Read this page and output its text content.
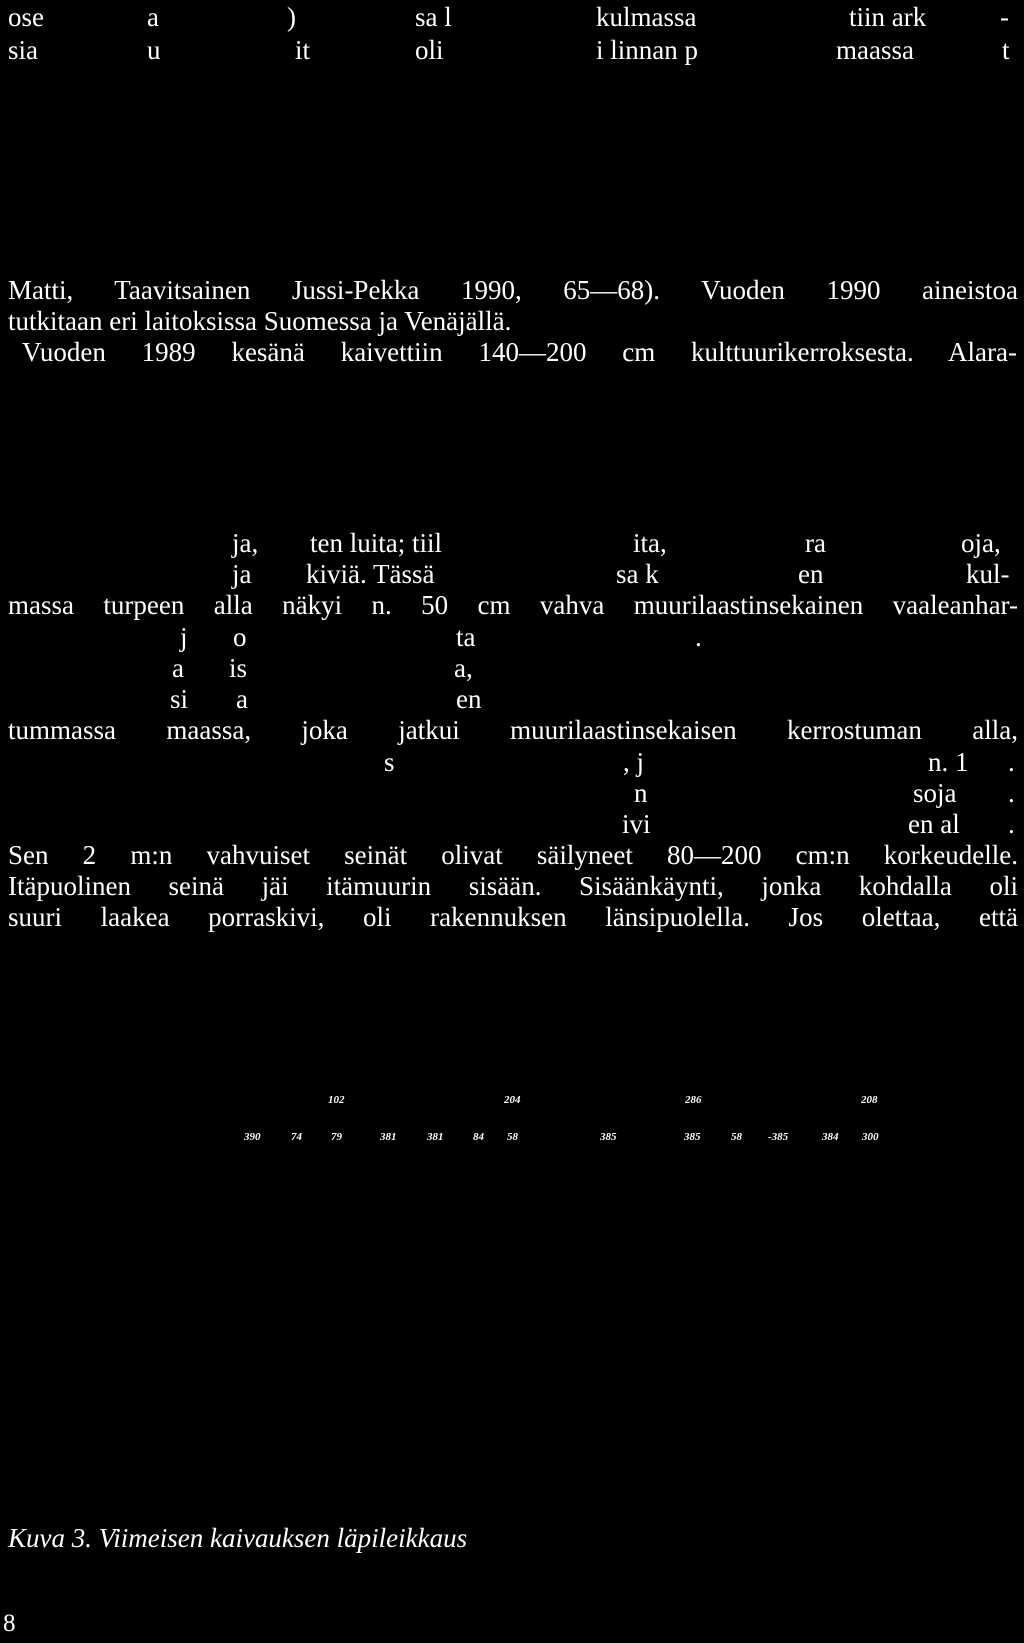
ose	a	)	sa l	kulmassa	tiin ark	-
sia	u	it	oli	i linnan p	maassa	t
Matti, Taavitsainen Jussi-Pekka 1990, 65—68). Vuoden 1990 aineistoa
tutkitaan eri laitoksissa Suomessa ja Venäjällä.
Vuoden 1989 kesänä kaivettiin 140—200 cm kulttuurikerroksesta. Alara-
ja, ten luita; tiil	ita,	ra	oja,
ja kiviä. Tässä	sa k	en	kul-
massa turpeen alla näkyi n. 50 cm vahva muurilaastinsekainen vaaleanhar-
j o	ta	.
a is	a,
si a	en
tummassa maassa, joka jatkui muurilaastinsekaisen kerrostuman alla,
s	, j	n. 1 .
n	soja .
ivi	en al .
Sen 2 m:n vahvuiset seinät olivat säilyneet 80—200 cm:n korkeudelle.
Itäpuolinen seinä jäi itämuurin sisään. Sisäänkäynti, jonka kohdalla oli
suuri laakea porraskivi, oli rakennuksen länsipuolella. Jos olettaa, että
102	204	286	208
390	74	79	381	381	84 58	385	385	58 -385	384 300
Kuva 3. Viimeisen kaivauksen läpileikkaus
8
